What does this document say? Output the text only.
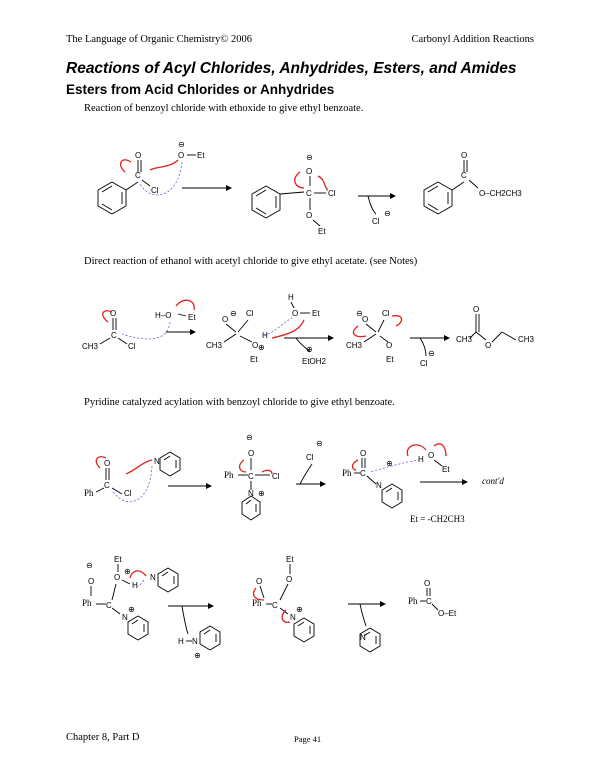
The Language of Organic Chemistry© 2006	Carbonyl Addition Reactions
Reactions of Acyl Chlorides, Anhydrides, Esters, and Amides
Esters from Acid Chlorides or Anhydrides
Reaction of benzoyl chloride with ethoxide to give ethyl benzoate.
Direct reaction of ethanol with acetyl chloride to give ethyl acetate. (see Notes)
Pyridine catalyzed acylation with benzoyl chloride to give ethyl benzoate.
C
O
Cl
O Et
⊖
C
O
⊖
Cl
O
Et
Cl
⊖
C
O
O–CH2CH3
O
C
CH3	Cl
H–O Et	O
⊖ Cl
CH3	O ⊕
H
Et
H
O Et
⊕
EtOH2
O
⊖ Cl
CH3	O
Et	Cl
⊖
CH3
O
O
CH3
O
C
Ph	Cl
N
⊖
O
Ph C Cl
N ⊕
Cl
⊖
O
Ph C
N
⊕	H O
Et
cont'd
Et = -CH2CH3
⊖
O
Et
O
⊕
H
Ph C
N
⊕
N
H N
⊕
Et
O
O
Ph C
N
⊕
N
O
Ph C
O–Et
Chapter 8, Part D	Page 41
